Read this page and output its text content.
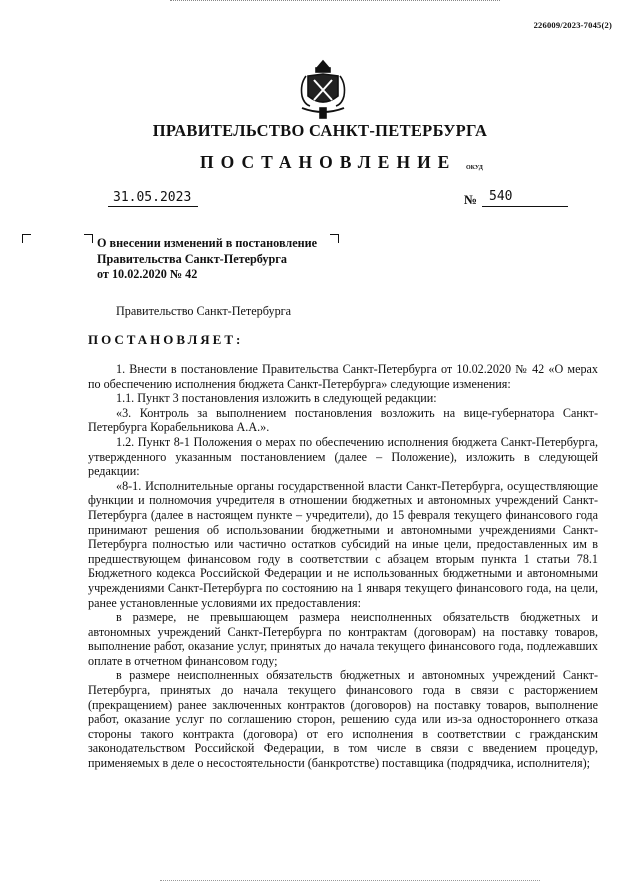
226009/2023-7045(2)
ПРАВИТЕЛЬСТВО САНКТ-ПЕТЕРБУРГА
ПОСТАНОВЛЕНИЕ ОКУД
31.05.2023	№ 540
О внесении изменений в постановление
Правительства Санкт-Петербурга
от 10.02.2020 № 42
Правительство Санкт-Петербурга
ПОСТАНОВЛЯЕТ:

1. Внести в постановление Правительства Санкт-Петербурга от 10.02.2020 № 42 «О мерах по обеспечению исполнения бюджета Санкт-Петербурга» следующие изменения:

1.1. Пункт 3 постановления изложить в следующей редакции:

«3. Контроль за выполнением постановления возложить на вице-губернатора Санкт-Петербурга Корабельникова А.А.».

1.2. Пункт 8-1 Положения о мерах по обеспечению исполнения бюджета Санкт-Петербурга, утвержденного указанным постановлением (далее – Положение), изложить в следующей редакции:

«8-1. Исполнительные органы государственной власти Санкт-Петербурга, осуществляющие функции и полномочия учредителя в отношении бюджетных и автономных учреждений Санкт-Петербурга (далее в настоящем пункте – учредители), до 15 февраля текущего финансового года принимают решения об использовании бюджетными и автономными учреждениями Санкт-Петербурга полностью или частично остатков субсидий на иные цели, предоставленных им в предшествующем финансовом году в соответствии с абзацем вторым пункта 1 статьи 78.1 Бюджетного кодекса Российской Федерации и не использованных бюджетными и автономными учреждениями Санкт-Петербурга по состоянию на 1 января текущего финансового года, на цели, ранее установленные условиями их предоставления:

в размере, не превышающем размера неисполненных обязательств бюджетных и автономных учреждений Санкт-Петербурга по контрактам (договорам) на поставку товаров, выполнение работ, оказание услуг, принятых до начала текущего финансового года, подлежавших оплате в отчетном финансовом году;

в размере неисполненных обязательств бюджетных и автономных учреждений Санкт-Петербурга, принятых до начала текущего финансового года в связи с расторжением (прекращением) ранее заключенных контрактов (договоров) на поставку товаров, выполнение работ, оказание услуг по соглашению сторон, решению суда или из-за одностороннего отказа стороны такого контракта (договора) от его исполнения в соответствии с гражданским законодательством Российской Федерации, в том числе в связи с введением процедур, применяемых в деле о несостоятельности (банкротстве) поставщика (подрядчика, исполнителя);
